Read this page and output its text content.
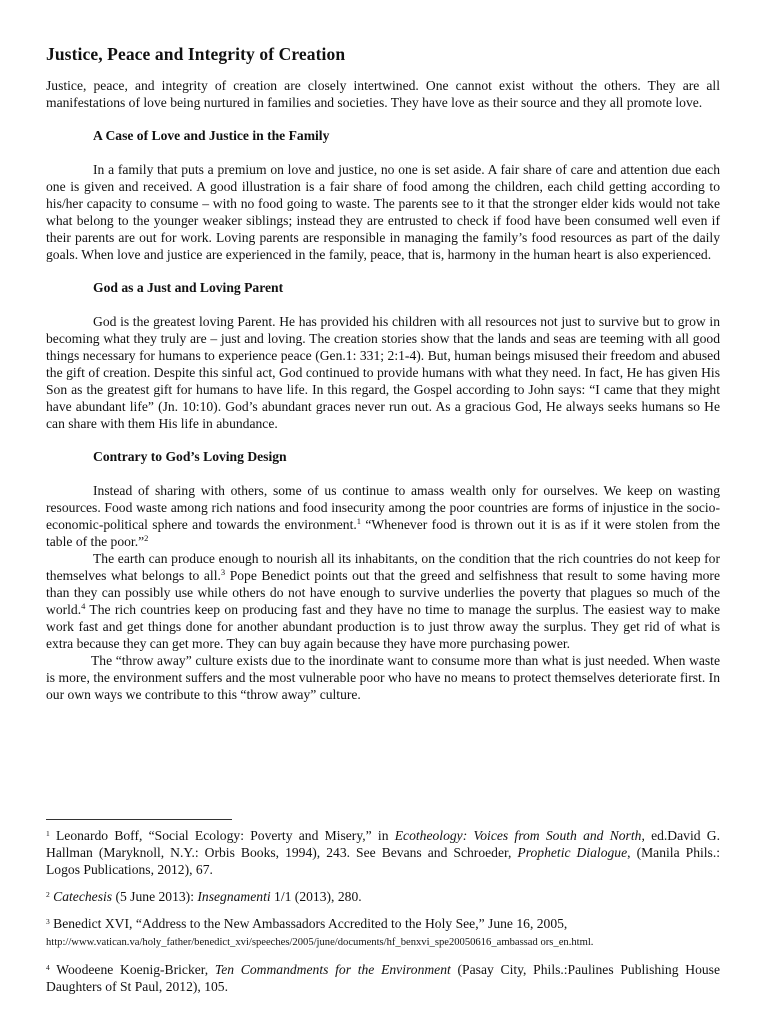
Justice, Peace and Integrity of Creation

Justice, peace, and integrity of creation are closely intertwined. One cannot exist without the others. They are all manifestations of love being nurtured in families and societies. They have love as their source and they all promote love.

A Case of Love and Justice in the Family

In a family that puts a premium on love and justice, no one is set aside. A fair share of care and attention due each one is given and received. A good illustration is a fair share of food among the children, each child getting according to his/her capacity to consume – with no food going to waste. The parents see to it that the stronger elder kids would not take what belong to the younger weaker siblings; instead they are entrusted to check if food have been consumed well even if their parents are out for work. Loving parents are responsible in managing the family’s food resources as part of the daily goals. When love and justice are experienced in the family, peace, that is, harmony in the human heart is also experienced.

God as a Just and Loving Parent

God is the greatest loving Parent. He has provided his children with all resources not just to survive but to grow in becoming what they truly are – just and loving. The creation stories show that the lands and seas are teeming with all good things necessary for humans to experience peace (Gen.1: 331; 2:1-4). But, human beings misused their freedom and abused the gift of creation. Despite this sinful act, God continued to provide humans with what they need. In fact, He has given His Son as the greatest gift for humans to have life. In this regard, the Gospel according to John says: “I came that they might have abundant life” (Jn. 10:10). God’s abundant graces never run out. As a gracious God, He always seeks humans so He can share with them His life in abundance.

Contrary to God’s Loving Design

Instead of sharing with others, some of us continue to amass wealth only for ourselves. We keep on wasting resources. Food waste among rich nations and food insecurity among the poor countries are forms of injustice in the socio-economic-political sphere and towards the environment.$^1$ “Whenever food is thrown out it is as if it were stolen from the table of the poor.”$^2$

The earth can produce enough to nourish all its inhabitants, on the condition that the rich countries do not keep for themselves what belongs to all.$^3$ Pope Benedict points out that the greed and selfishness that result to some having more than they can possibly use while others do not have enough to survive underlies the poverty that plagues so much of the world.$^4$ The rich countries keep on producing fast and they have no time to manage the surplus. The easiest way to make work fast and get things done for another abundant production is to just throw away the surplus. They get rid of what is extra because they can get more. They can buy again because they have more purchasing power.

The “throw away” culture exists due to the inordinate want to consume more than what is just needed. When waste is more, the environment suffers and the most vulnerable poor who have no means to protect themselves deteriorate first. In our own ways we contribute to this “throw away” culture.

$^1$ Leonardo Boff, “Social Ecology: Poverty and Misery,” in Ecotheology: Voices from South and North, ed.David G. Hallman (Maryknoll, N.Y.: Orbis Books, 1994), 243. See Bevans and Schroeder, Prophetic Dialogue, (Manila Phils.: Logos Publications, 2012), 67.

$^2$ Catechesis (5 June 2013): Insegnamenti 1/1 (2013), 280.

$^3$ Benedict XVI, “Address to the New Ambassadors Accredited to the Holy See,” June 16, 2005,
http://www.vatican.va/holy_father/benedict_xvi/speeches/2005/june/documents/hf_benxvi_spe20050616_ambassad ors_en.html.

$^4$ Woodeene Koenig-Bricker, Ten Commandments for the Environment (Pasay City, Phils.:Paulines Publishing House Daughters of St Paul, 2012), 105.
